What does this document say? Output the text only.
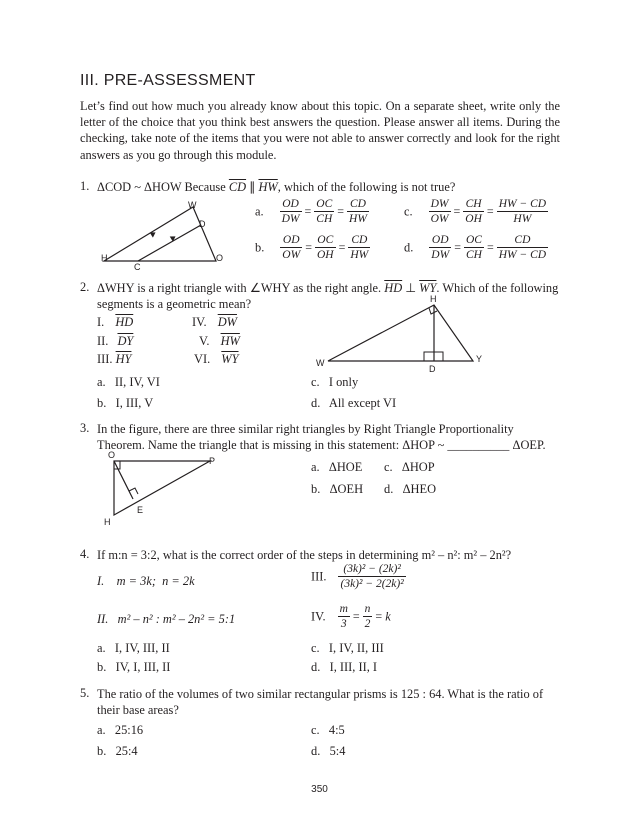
III. PRE-ASSESSMENT

Let’s find out how much you already know about this topic. On a separate sheet, write only the letter of the choice that you think best answers the question. Please answer all items. During the checking, take note of the items that you were not able to answer correctly and look for the right answers as you go through this module.

1. ΔCOD ~ ΔHOW Because $\overline{CD}$ ∥ $\overline{HW}$, which of the following is not true?
W
D
H
C
O
a. $\frac{OD}{DW} = \frac{OC}{CH} = \frac{CD}{HW}$
b. $\frac{OD}{OW} = \frac{OC}{OH} = \frac{CD}{HW}$
c. $\frac{DW}{OW} = \frac{CH}{OH} = \frac{HW - CD}{HW}$
d. $\frac{OD}{DW} = \frac{OC}{CH} = \frac{CD}{HW - CD}$
2. ΔWHY is a right triangle with ∠WHY as the right angle. $\overline{HD}$ ⊥ $\overline{WY}$. Which of the following segments is a geometric mean?
I. $\overline{HD}$	IV. $\overline{DW}$
II. $\overline{DY}$	V. $\overline{HW}$
III. $\overline{HY}$	VI. $\overline{WY}$
H
W
D
Y
a.   II, IV, VI
b.   I, III, V
c.   I only
d.   All except VI
3. In the figure, there are three similar right triangles by Right Triangle Proportionality Theorem. Name the triangle that is missing in this statement: ΔHOP ~ __________ ΔOEP.
O
P
E
H
a.   ΔHOE
b.   ΔOEH
c.   ΔHOP
d.   ΔHEO
4. If m:n = 3:2, what is the correct order of the steps in determining m² – n²: m² – 2n²?
I.    m = 3k;  n = 2k
II.   m² – n² : m² – 2n² = 5:1
III. $\frac{\text{(3k)² − (2k)²}}{\text{(3k)² − 2(2k)²}}$
IV. $\frac{m}{3} = \frac{n}{2} = k$
a.   I, IV, III, II
b.   IV, I, III, II
c.   I, IV, II, III
d.   I, III, II, I
5. The ratio of the volumes of two similar rectangular prisms is 125 : 64. What is the ratio of their base areas?
a.   25:16
b.   25:4
c.   4:5
d.   5:4
350
